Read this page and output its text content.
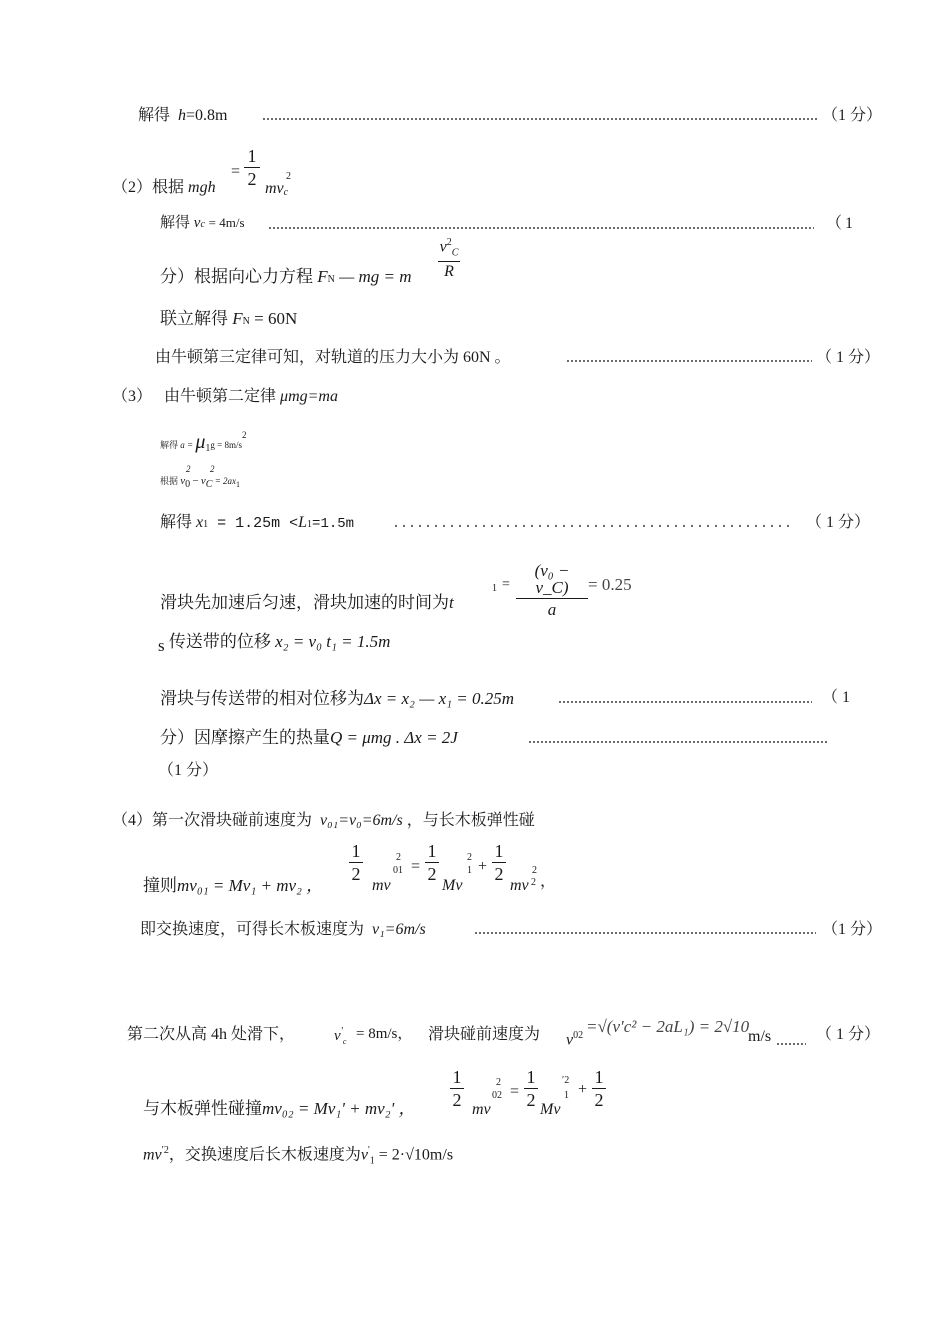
解得 h=0.8m	（1 分）
（2）根据 mgh
=
1
2 mvc
2
解得 vc = 4m/s	（ 1
分）根据向心力方程 FN — mg = m
$v^2_C$
R
联立解得 FN = 60N
由牛顿第三定律可知，对轨道的压力大小为 60N 。	（ 1 分）
（3） 由牛顿第二定律 μmg=ma
解得 $a = \mu_1g = 8m/s^2$
根据 $v_0 - v_C = 2ax_1$
2 2
解得 x1 = 1.25m <L1=1.5m	（ 1 分）
滑块先加速后匀速，滑块加速的时间为t
1 =
(v₀ − v_C)
a
= 0.25
s 传送带的位移 x₂ = v₀ t₁ = 1.5m
滑块与传送带的相对位移为Δx = x₂ — x₁ = 0.25m	（ 1
分）因摩擦产生的热量Q = μmg . Δx = 2J
（1 分）
（4）第一次滑块碰前速度为 v₀₁=v₀=6m/s ，与长木板弹性碰
撞则mv₀₁ = Mv₁ + mv₂ ，
1
2
mv
2
01 =
1
2
Mv
2
1 +
1
2
mv
2
2 ，
即交换速度，可得长木板速度为 v₁=6m/s	（1 分）
第二次从高 4h 处滑下，	$v'_c = 8m/s$， 滑块碰前速度为 $v^{02} =√(v'c^2 - 2aL_1) = 2√10$
m/s	（ 1 分）
与木板弹性碰撞mv₀₂ = Mv₁' + mv₂' ，
1
2 mv
2
02 =
1
2 Mv
′2
1 +
1
2
$mv^{'2}$，交换速度后长木板速度为$v'_1 = 2\cdot√10m/s$
